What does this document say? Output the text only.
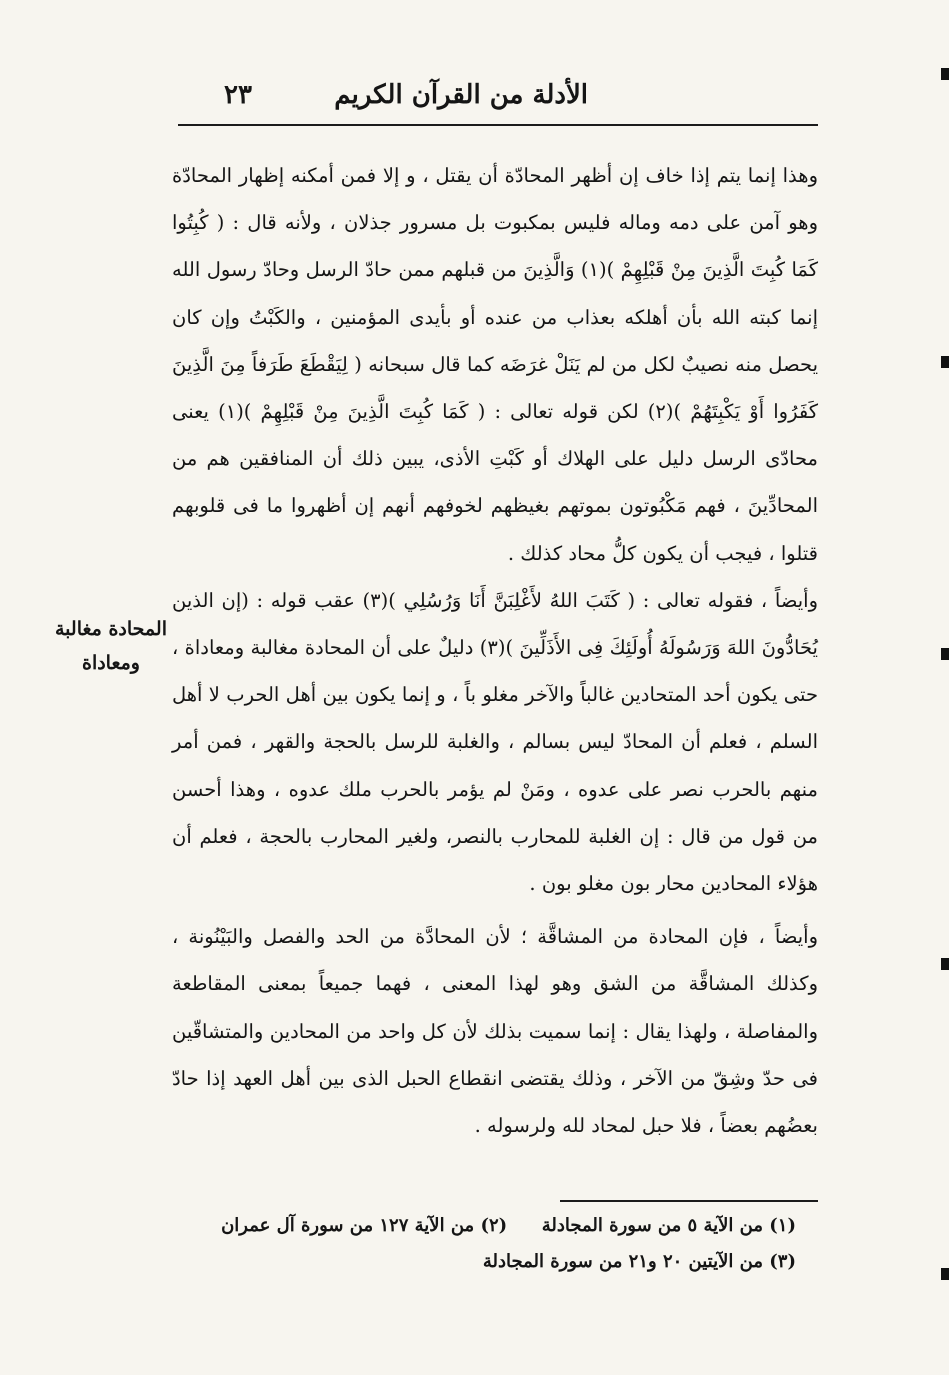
الأدلة من القرآن الكريم
٢٣

وهذا إنما يتم إذا خاف إن أظهر المحادّة أن يقتل ، و إلا فمن أمكنه إظهار المحادّة وهو آمن على دمه وماله فليس بمكبوت بل مسرور جذلان ، ولأنه قال : ( كُبِتُوا كَمَا كُبِتَ الَّذِينَ مِنْ قَبْلِهِمْ )(١) وَالَّذِينَ من قبلهم ممن حادّ الرسل وحادّ رسول الله إنما كبته الله بأن أهلكه بعذاب من عنده أو بأيدى المؤمنين ، والكَبْتُ وإن كان يحصل منه نصيبٌ لكل من لم يَنَلْ غرَضَه كما قال سبحانه ( لِيَقْطَعَ طَرَفاً مِنَ الَّذِينَ كَفَرُوا أَوْ يَكْبِتَهُمْ )(٢) لكن قوله تعالى : ( كَمَا كُبِتَ الَّذِينَ مِنْ قَبْلِهِمْ )(١) يعنى محادّى الرسل دليل على الهلاك أو كَبْتِ الأذى، يبين ذلك أن المنافقين هم من المحادِّينَ ، فهم مَكْبُوتون بموتهم بغيظهم لخوفهم أنهم إن أظهروا ما فى قلوبهم قتلوا ، فيجب أن يكون كلُّ محاد كذلك .

وأيضاً ، فقوله تعالى : ( كَتَبَ اللهُ لأَغْلِبَنَّ أَنَا وَرُسُلِي )(٣) عقب قوله : (إن الذين يُحَادُّونَ اللهَ وَرَسُولَهُ أُولَئِكَ فِى الأَذَلِّينَ )(٣) دليلٌ على أن المحادة مغالبة ومعاداة ، حتى يكون أحد المتحادين غالباً والآخر مغلو باً ، و إنما يكون بين أهل الحرب لا أهل السلم ، فعلم أن المحادّ ليس بسالم ، والغلبة للرسل بالحجة والقهر ، فمن أمر منهم بالحرب نصر على عدوه ، ومَنْ لم يؤمر بالحرب ملك عدوه ، وهذا أحسن من قول من قال : إن الغلبة للمحارب بالنصر، ولغير المحارب بالحجة ، فعلم أن هؤلاء المحادين محار بون مغلو بون .

وأيضاً ، فإن المحادة من المشاقَّة ؛ لأن المحادَّة من الحد والفصل والبَيْنُونة ، وكذلك المشاقَّة من الشق وهو لهذا المعنى ، فهما جميعاً بمعنى المقاطعة والمفاصلة ، ولهذا يقال : إنما سميت بذلك لأن كل واحد من المحادين والمتشاقّين فى حدّ وشِقّ من الآخر ، وذلك يقتضى انقطاع الحبل الذى بين أهل العهد إذا حادّ بعضُهم بعضاً ، فلا حبل لمحاد لله ولرسوله .

المحادة مغالبة
ومعاداة
(١) من الآية ٥ من سورة المجادلة  (٢) من الآية ١٢٧ من سورة آل عمران
(٣) من الآيتين ٢٠ و٢١ من سورة المجادلة
